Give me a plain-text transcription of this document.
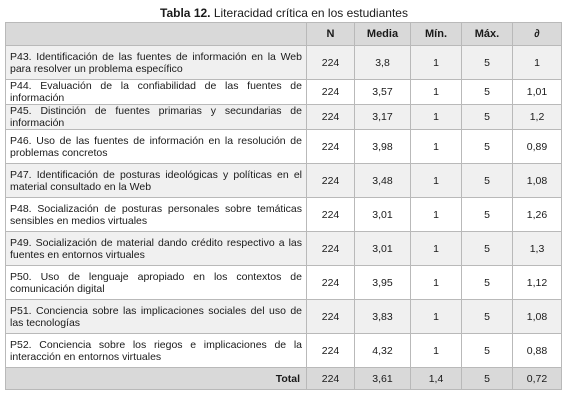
Tabla 12. Literacidad crítica en los estudiantes
	N	Media	Mín.	Máx.	∂
P43. Identificación de las fuentes de información en la Web para resolver un problema específico	224	3,8	1	5	1
P44. Evaluación de la confiabilidad de las fuentes de información	224	3,57	1	5	1,01
P45. Distinción de fuentes primarias y secundarias de información	224	3,17	1	5	1,2
P46. Uso de las fuentes de información en la resolución de problemas concretos	224	3,98	1	5	0,89
P47. Identificación de posturas ideológicas y políticas en el material consultado en la Web	224	3,48	1	5	1,08
P48. Socialización de posturas personales sobre temáticas sensibles en medios virtuales	224	3,01	1	5	1,26
P49. Socialización de material dando crédito respectivo a las fuentes en entornos virtuales	224	3,01	1	5	1,3
P50. Uso de lenguaje apropiado en los contextos de comunicación digital	224	3,95	1	5	1,12
P51. Conciencia sobre las implicaciones sociales del uso de las tecnologías	224	3,83	1	5	1,08
P52. Conciencia sobre los riegos e implicaciones de la interacción en entornos virtuales	224	4,32	1	5	0,88
Total	224	3,61	1,4	5	0,72
